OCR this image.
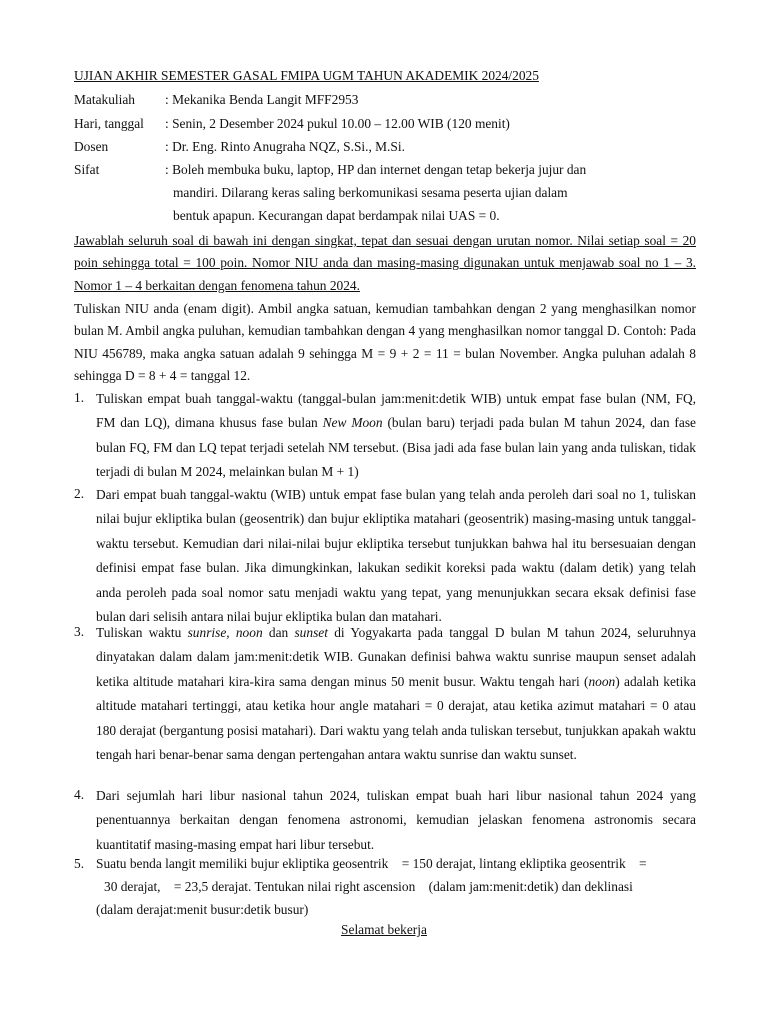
UJIAN AKHIR SEMESTER GASAL FMIPA UGM TAHUN AKADEMIK 2024/2025
Matakuliah : Mekanika Benda Langit MFF2953
Hari, tanggal : Senin, 2 Desember 2024 pukul 10.00 – 12.00 WIB (120 menit)
Dosen	: Dr. Eng. Rinto Anugraha NQZ, S.Si., M.Si.
Sifat	: Boleh membuka buku, laptop, HP dan internet dengan tetap bekerja jujur dan
mandiri. Dilarang keras saling berkomunikasi sesama peserta ujian dalam
bentuk apapun. Kecurangan dapat berdampak nilai UAS = 0.

Jawablah seluruh soal di bawah ini dengan singkat, tepat dan sesuai dengan urutan nomor. Nilai setiap soal = 20 poin sehingga total = 100 poin. Nomor NIU anda dan masing-masing digunakan untuk menjawab soal no 1 – 3. Nomor 1 – 4 berkaitan dengan fenomena tahun 2024.

Tuliskan NIU anda (enam digit). Ambil angka satuan, kemudian tambahkan dengan 2 yang menghasilkan nomor bulan M. Ambil angka puluhan, kemudian tambahkan dengan 4 yang menghasilkan nomor tanggal D. Contoh: Pada NIU 456789, maka angka satuan adalah 9 sehingga M = 9 + 2 = 11 = bulan November. Angka puluhan adalah 8 sehingga D = 8 + 4 = tanggal 12.

1. Tuliskan empat buah tanggal-waktu (tanggal-bulan jam:menit:detik WIB) untuk empat fase bulan (NM, FQ, FM dan LQ), dimana khusus fase bulan New Moon (bulan baru) terjadi pada bulan M tahun 2024, dan fase bulan FQ, FM dan LQ tepat terjadi setelah NM tersebut. (Bisa jadi ada fase bulan lain yang anda tuliskan, tidak terjadi di bulan M 2024, melainkan bulan M + 1)
2. Dari empat buah tanggal-waktu (WIB) untuk empat fase bulan yang telah anda peroleh dari soal no 1, tuliskan nilai bujur ekliptika bulan (geosentrik) dan bujur ekliptika matahari (geosentrik) masing-masing untuk tanggal-waktu tersebut. Kemudian dari nilai-nilai bujur ekliptika tersebut tunjukkan bahwa hal itu bersesuaian dengan definisi empat fase bulan. Jika dimungkinkan, lakukan sedikit koreksi pada waktu (dalam detik) yang telah anda peroleh pada soal nomor satu menjadi waktu yang tepat, yang menunjukkan secara eksak definisi fase bulan dari selisih antara nilai bujur ekliptika bulan dan matahari.
3. Tuliskan waktu sunrise, noon dan sunset di Yogyakarta pada tanggal D bulan M tahun 2024, seluruhnya dinyatakan dalam dalam jam:menit:detik WIB. Gunakan definisi bahwa waktu sunrise maupun senset adalah ketika altitude matahari kira-kira sama dengan minus 50 menit busur. Waktu tengah hari (noon) adalah ketika altitude matahari tertinggi, atau ketika hour angle matahari = 0 derajat, atau ketika azimut matahari = 0 atau 180 derajat (bergantung posisi matahari). Dari waktu yang telah anda tuliskan tersebut, tunjukkan apakah waktu tengah hari benar-benar sama dengan pertengahan antara waktu sunrise dan waktu sunset.
4. Dari sejumlah hari libur nasional tahun 2024, tuliskan empat buah hari libur nasional tahun 2024 yang penentuannya berkaitan dengan fenomena astronomi, kemudian jelaskan fenomena astronomis secara kuantitatif masing-masing empat hari libur tersebut.
5. Suatu benda langit memiliki bujur ekliptika geosentrik    = 150 derajat, lintang ekliptika geosentrik    =
30 derajat,    = 23,5 derajat. Tentukan nilai right ascension    (dalam jam:menit:detik) dan deklinasi
(dalam derajat:menit busur:detik busur)
Selamat bekerja
